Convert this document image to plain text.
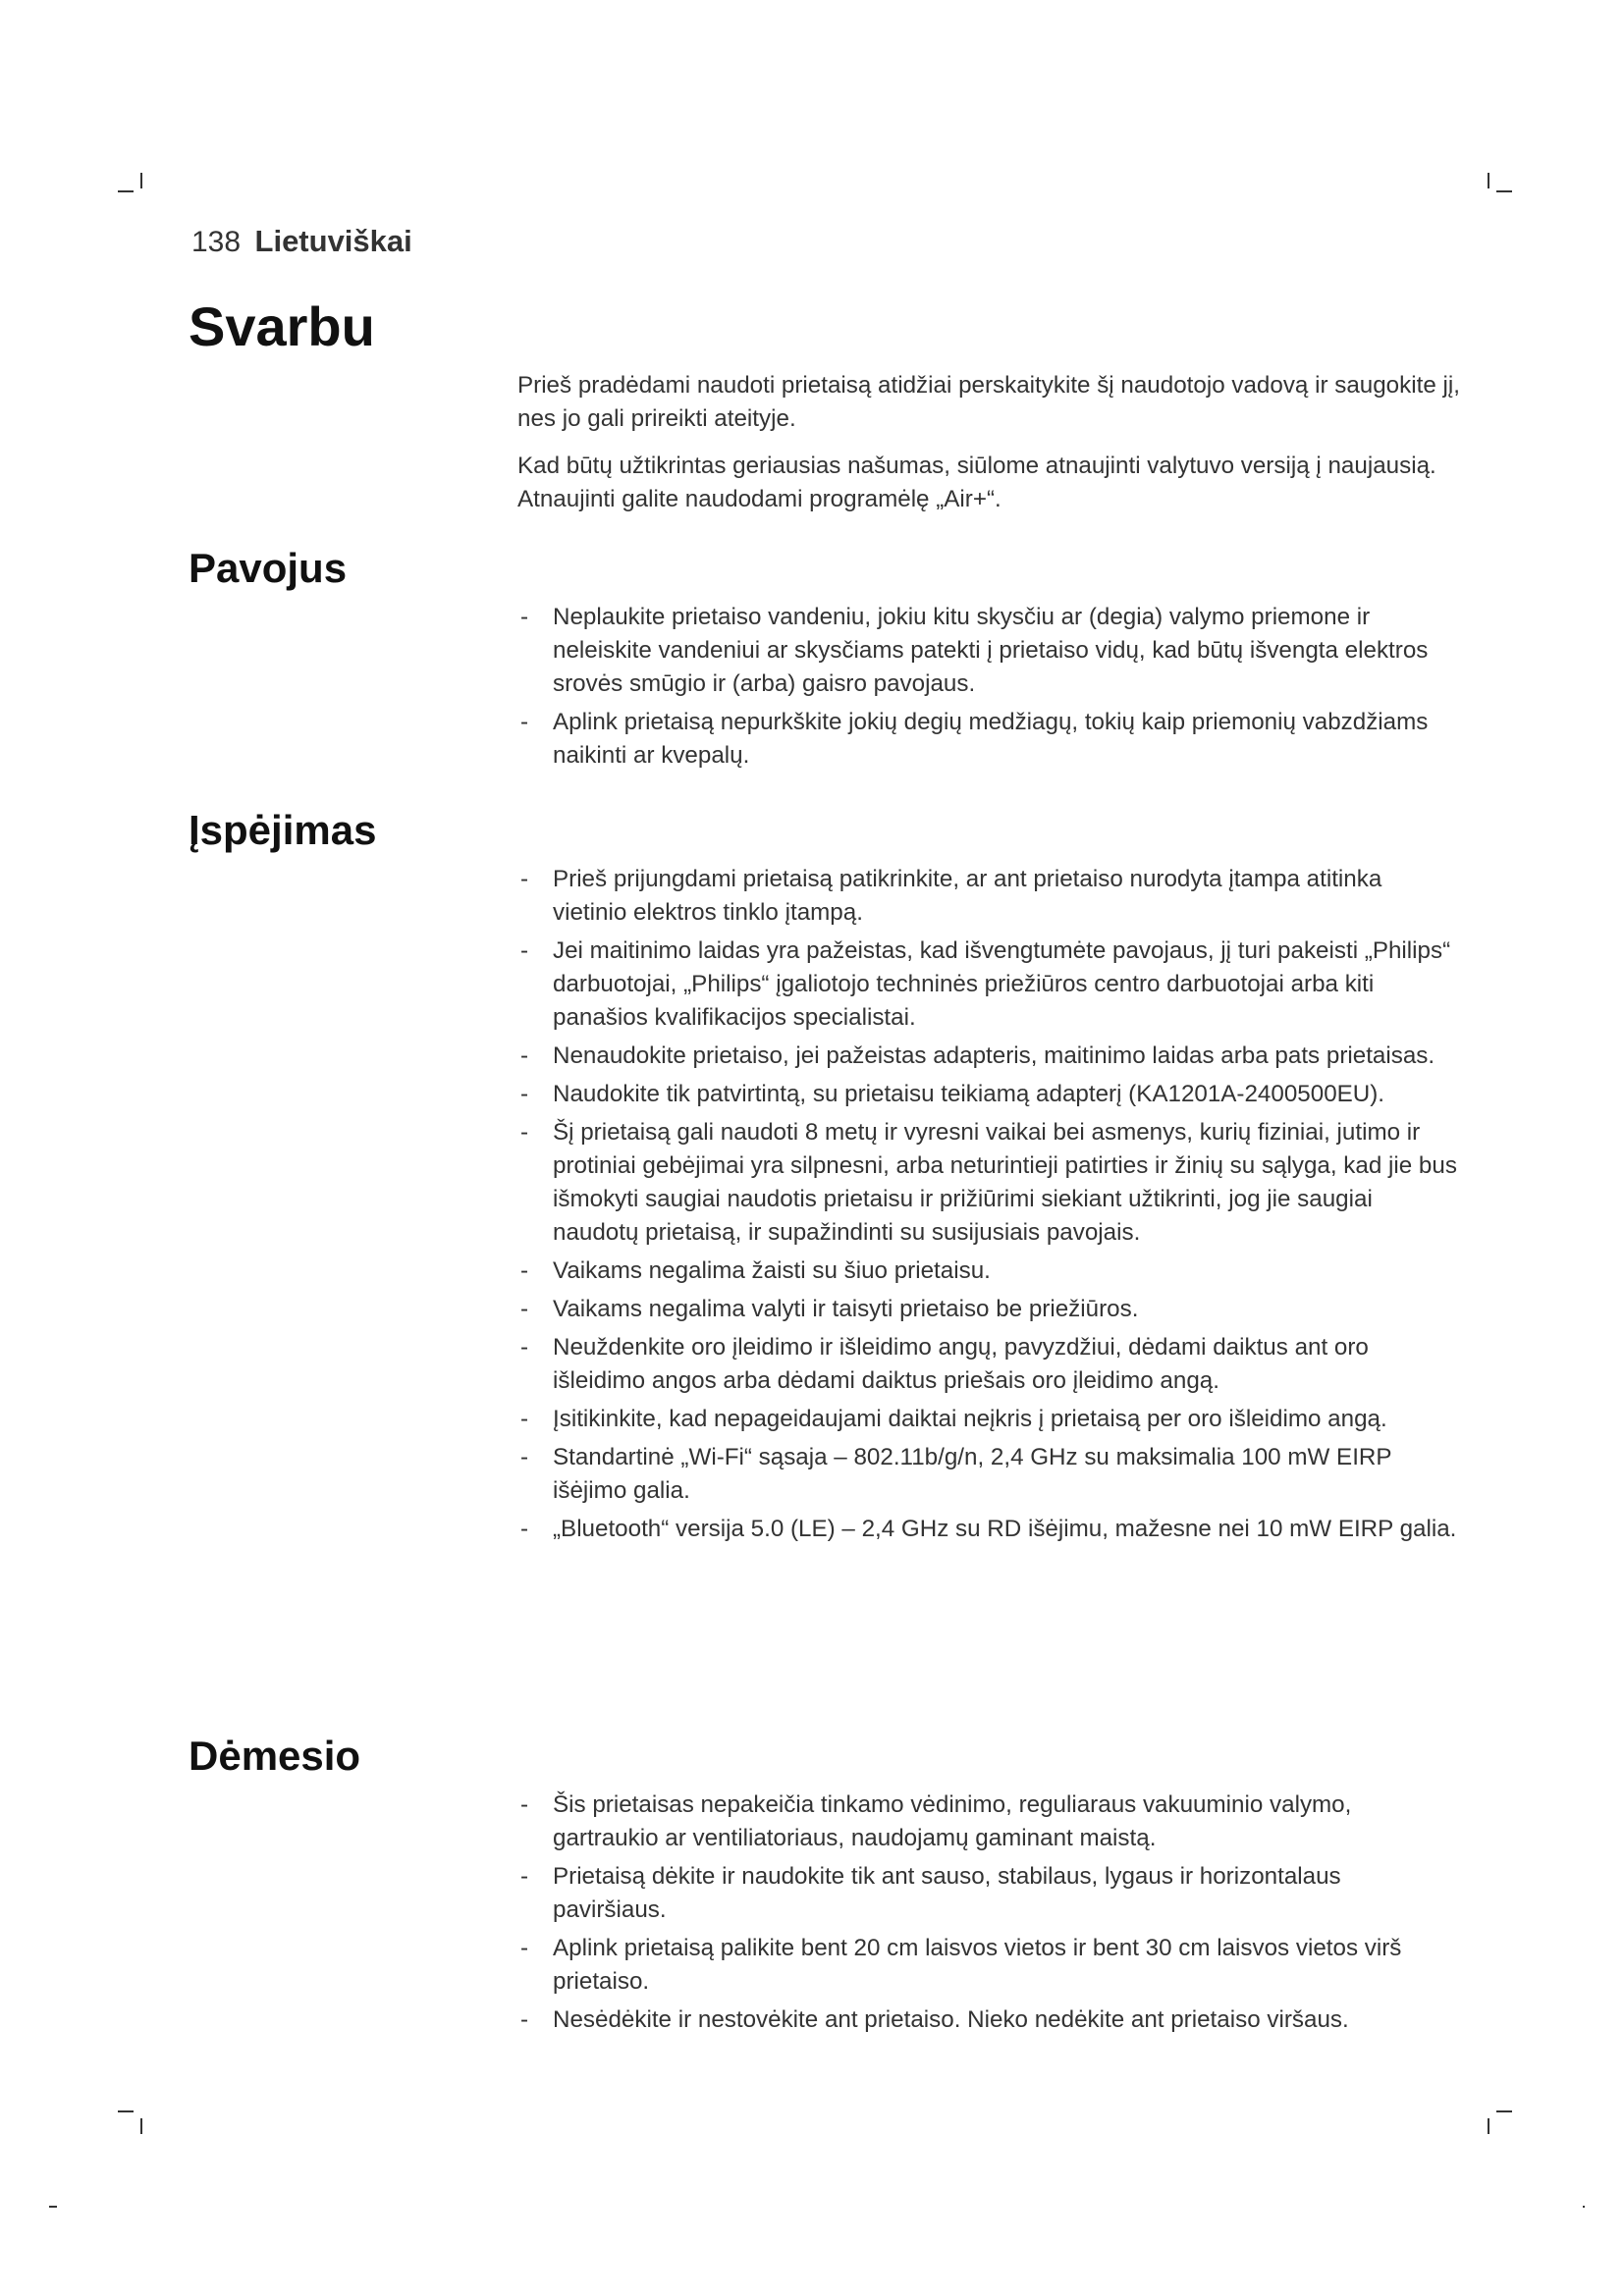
138 Lietuviškai
Svarbu

Prieš pradėdami naudoti prietaisą atidžiai perskaitykite šį naudotojo vadovą ir saugokite jį, nes jo gali prireikti ateityje.

Kad būtų užtikrintas geriausias našumas, siūlome atnaujinti valytuvo versiją į naujausią. Atnaujinti galite naudodami programėlę „Air+“.

Pavojus
- Neplaukite prietaiso vandeniu, jokiu kitu skysčiu ar (degia) valymo priemone ir neleiskite vandeniui ar skysčiams patekti į prietaiso vidų, kad būtų išvengta elektros srovės smūgio ir (arba) gaisro pavojaus.
- Aplink prietaisą nepurkškite jokių degių medžiagų, tokių kaip priemonių vabzdžiams naikinti ar kvepalų.
Įspėjimas
- Prieš prijungdami prietaisą patikrinkite, ar ant prietaiso nurodyta įtampa atitinka vietinio elektros tinklo įtampą.
- Jei maitinimo laidas yra pažeistas, kad išvengtumėte pavojaus, jį turi pakeisti „Philips“ darbuotojai, „Philips“ įgaliotojo techninės priežiūros centro darbuotojai arba kiti panašios kvalifikacijos specialistai.
- Nenaudokite prietaiso, jei pažeistas adapteris, maitinimo laidas arba pats prietaisas.
- Naudokite tik patvirtintą, su prietaisu teikiamą adapterį (KA1201A-2400500EU).
- Šį prietaisą gali naudoti 8 metų ir vyresni vaikai bei asmenys, kurių fiziniai, jutimo ir protiniai gebėjimai yra silpnesni, arba neturintieji patirties ir žinių su sąlyga, kad jie bus išmokyti saugiai naudotis prietaisu ir prižiūrimi siekiant užtikrinti, jog jie saugiai naudotų prietaisą, ir supažindinti su susijusiais pavojais.
- Vaikams negalima žaisti su šiuo prietaisu.
- Vaikams negalima valyti ir taisyti prietaiso be priežiūros.
- Neuždenkite oro įleidimo ir išleidimo angų, pavyzdžiui, dėdami daiktus ant oro išleidimo angos arba dėdami daiktus priešais oro įleidimo angą.
- Įsitikinkite, kad nepageidaujami daiktai neįkris į prietaisą per oro išleidimo angą.
- Standartinė „Wi-Fi“ sąsaja – 802.11b/g/n, 2,4 GHz su maksimalia 100 mW EIRP išėjimo galia.
- „Bluetooth“ versija 5.0 (LE) – 2,4 GHz su RD išėjimu, mažesne nei 10 mW EIRP galia.
Dėmesio
- Šis prietaisas nepakeičia tinkamo vėdinimo, reguliaraus vakuuminio valymo, gartraukio ar ventiliatoriaus, naudojamų gaminant maistą.
- Prietaisą dėkite ir naudokite tik ant sauso, stabilaus, lygaus ir horizontalaus paviršiaus.
- Aplink prietaisą palikite bent 20 cm laisvos vietos ir bent 30 cm laisvos vietos virš prietaiso.
- Nesėdėkite ir nestovėkite ant prietaiso. Nieko nedėkite ant prietaiso viršaus.
